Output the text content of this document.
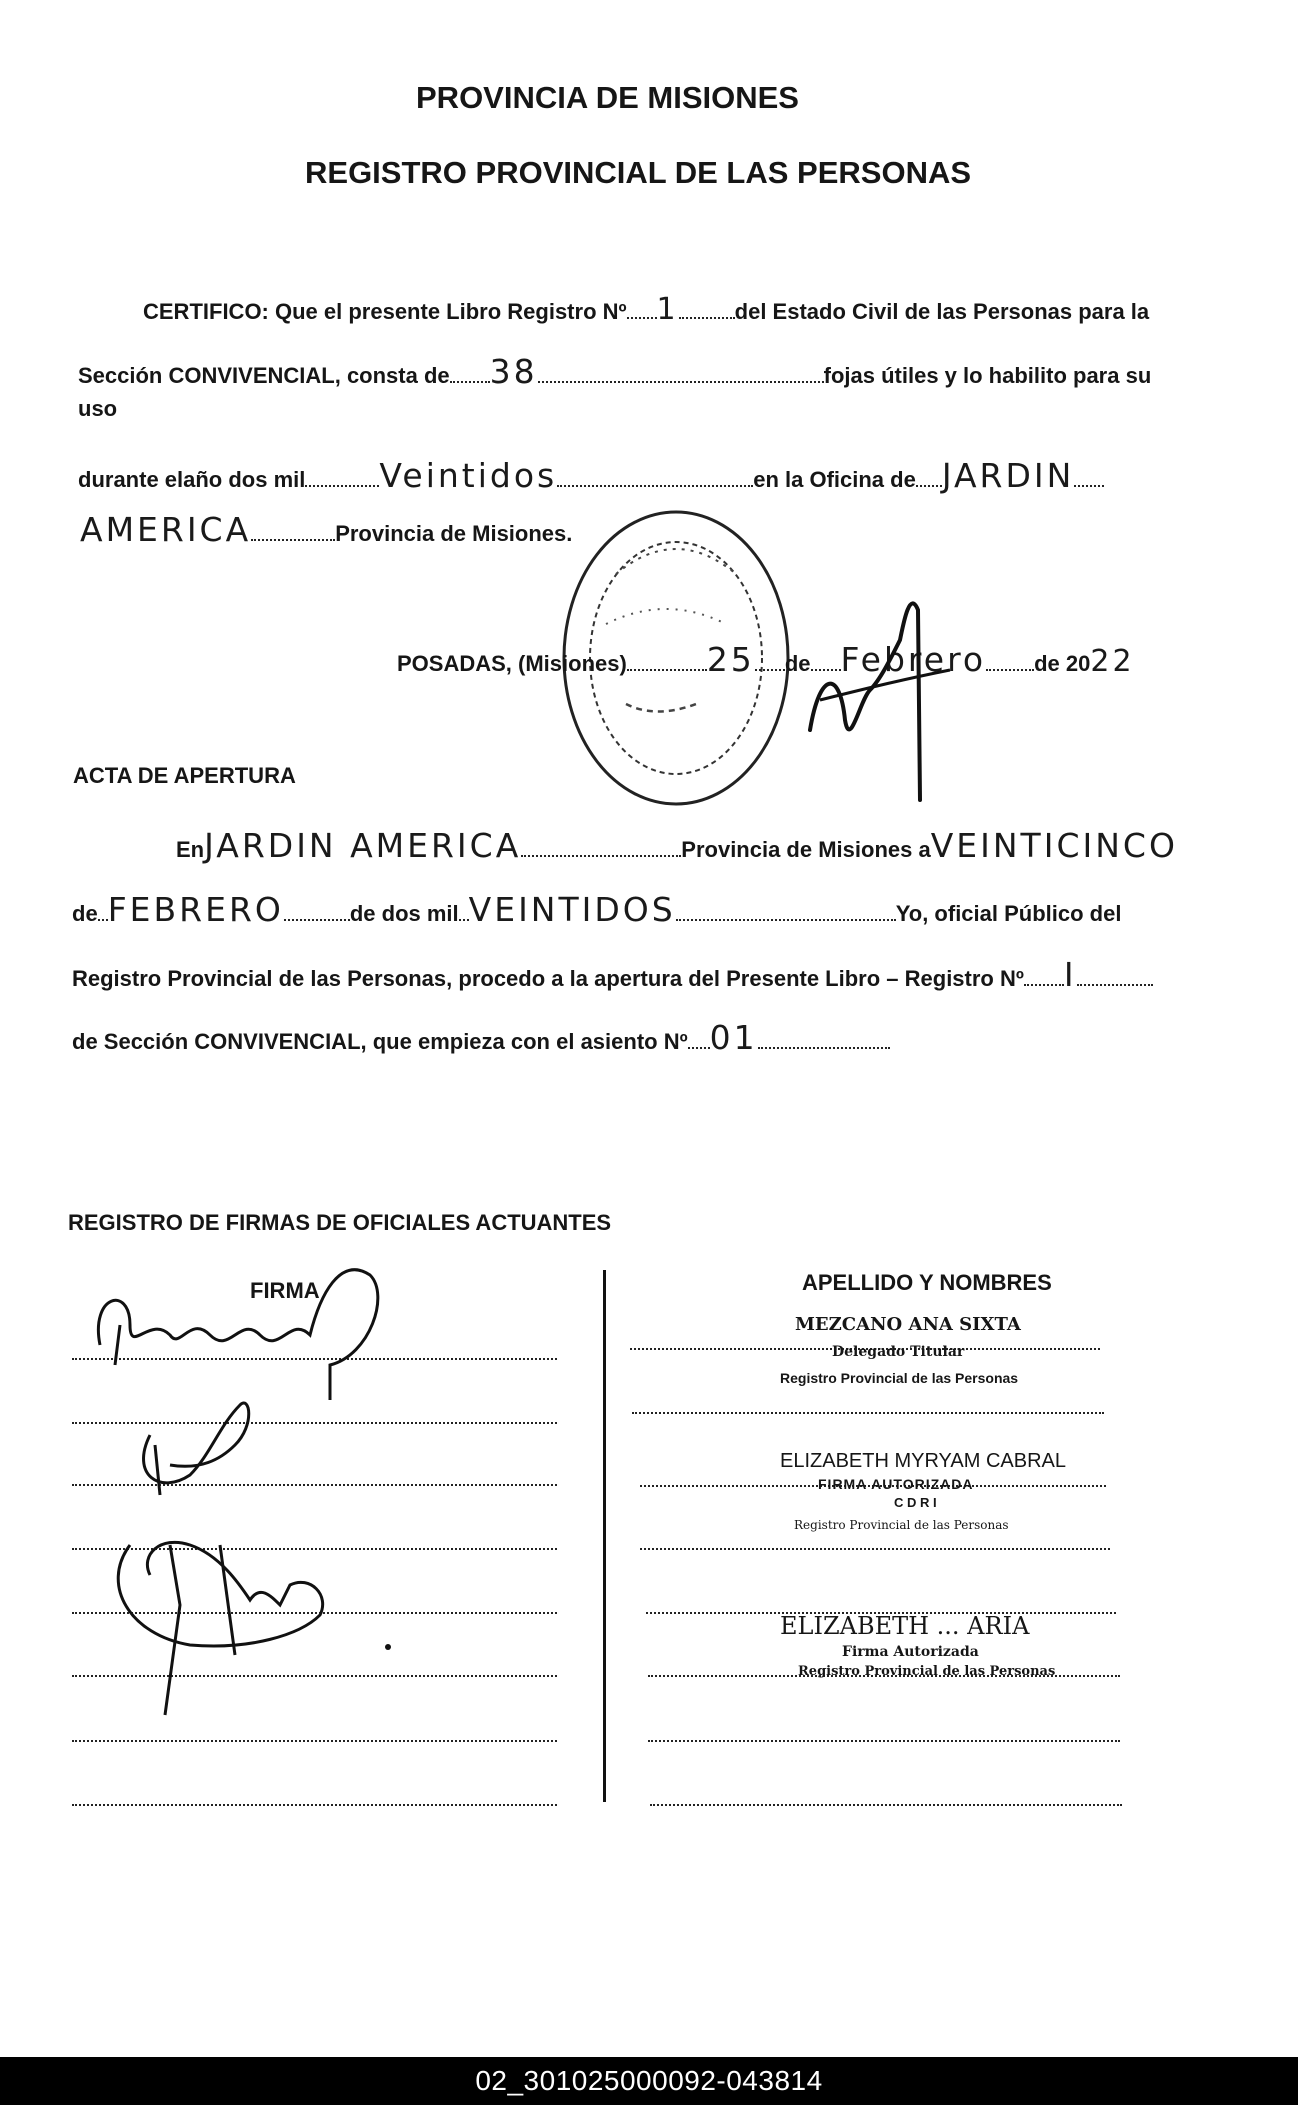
PROVINCIA DE MISIONES
REGISTRO PROVINCIAL DE LAS PERSONAS
CERTIFICO: Que el presente Libro Registro Nº 1	del Estado Civil de las Personas para la
Sección CONVIVENCIAL, consta de 38	fojas útiles y lo habilito para su
uso
durante elaño dos mil Veintidos	en la Oficina de JARDIN
AMERICA	Provincia de Misiones.
POSADAS, (Misiones) 25 de Febrero de 2022
ACTA DE APERTURA
EnJARDIN AMERICA	Provincia de Misiones aVEINTICINCO
de FEBRERO	de dos mil VEINTIDOS	Yo, oficial Público del
Registro Provincial de las Personas, procedo a la apertura del Presente Libro – Registro Nº I
de Sección CONVIVENCIAL, que empieza con el asiento Nº 01
REGISTRO DE FIRMAS DE OFICIALES ACTUANTES
FIRMA	APELLIDO Y NOMBRES
MEZCANO ANA SIXTA
Delegado Titular
Registro Provincial de las Personas
ELIZABETH MYRYAM CABRAL
FIRMA AUTORIZADA
C D R I
Registro Provincial de las Personas
ELIZABETH ... ARIA
Firma Autorizada
Registro Provincial de las Personas
02_301025000092-043814
